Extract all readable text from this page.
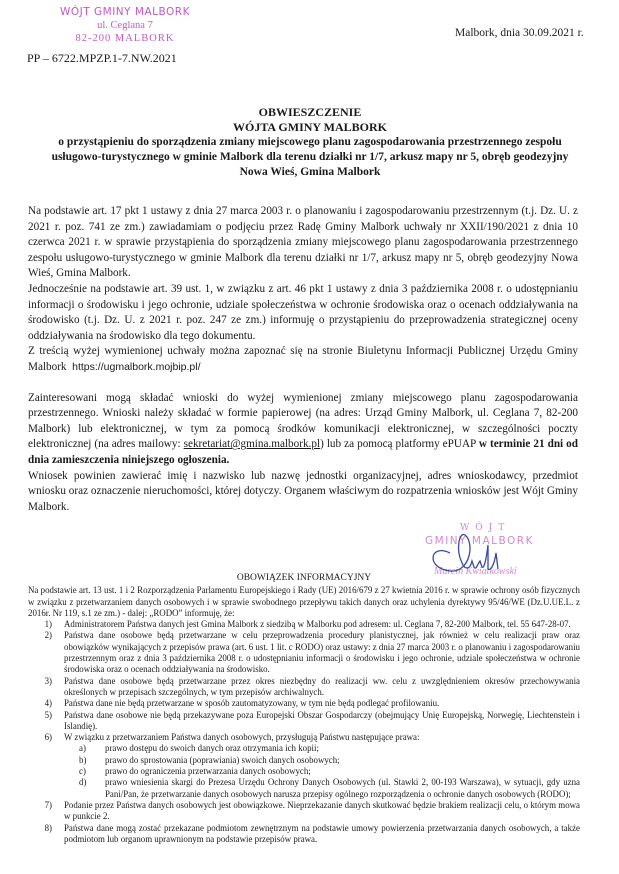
WÓJT GMINY MALBORK
ul. Ceglana 7
82-200 MALBORK
PP – 6722.MPZP.1-7.NW.2021
Malbork, dnia 30.09.2021 r.
OBWIESZCZENIE
WÓJTA GMINY MALBORK
o przystąpieniu do sporządzenia zmiany miejscowego planu zagospodarowania przestrzennego zespołu usługowo-turystycznego w gminie Malbork dla terenu działki nr 1/7, arkusz mapy nr 5, obręb geodezyjny Nowa Wieś, Gmina Malbork

Na podstawie art. 17 pkt 1 ustawy z dnia 27 marca 2003 r. o planowaniu i zagospodarowaniu przestrzennym (t.j. Dz. U. z 2021 r. poz. 741 ze zm.) zawiadamiam o podjęciu przez Radę Gminy Malbork uchwały nr XXII/190/2021 z dnia 10 czerwca 2021 r. w sprawie przystąpienia do sporządzenia zmiany miejscowego planu zagospodarowania przestrzennego zespołu usługowo-turystycznego w gminie Malbork dla terenu działki nr 1/7, arkusz mapy nr 5, obręb geodezyjny Nowa Wieś, Gmina Malbork.

Jednocześnie na podstawie art. 39 ust. 1, w związku z art. 46 pkt 1 ustawy z dnia 3 października 2008 r. o udostępnianiu informacji o środowisku i jego ochronie, udziale społeczeństwa w ochronie środowiska oraz o ocenach oddziaływania na środowisko (t.j. Dz. U. z 2021 r. poz. 247 ze zm.) informuję o przystąpieniu do przeprowadzenia strategicznej oceny oddziaływania na środowisko dla tego dokumentu.

Z treścią wyżej wymienionej uchwały można zapoznać się na stronie Biuletynu Informacji Publicznej Urzędu Gminy Malbork https://ugmalbork.mojbip.pl/

Zainteresowani mogą składać wnioski do wyżej wymienionej zmiany miejscowego planu zagospodarowania przestrzennego. Wnioski należy składać w formie papierowej (na adres: Urząd Gminy Malbork, ul. Ceglana 7, 82-200 Malbork) lub elektronicznej, w tym za pomocą środków komunikacji elektronicznej, w szczególności poczty elektronicznej (na adres mailowy: sekretariat@gmina.malbork.pl) lub za pomocą platformy ePUAP w terminie 21 dni od dnia zamieszczenia niniejszego ogłoszenia.

Wniosek powinien zawierać imię i nazwisko lub nazwę jednostki organizacyjnej, adres wnioskodawcy, przedmiot wniosku oraz oznaczenie nieruchomości, której dotyczy. Organem właściwym do rozpatrzenia wniosków jest Wójt Gminy Malbork.

WÓJT
GMINY MALBORK
Marcin Kwiatkowski
OBOWIĄZEK INFORMACYJNY

Na podstawie art. 13 ust. 1 i 2 Rozporządzenia Parlamentu Europejskiego i Rady (UE) 2016/679 z 27 kwietnia 2016 r. w sprawie ochrony osób fizycznych w związku z przetwarzaniem danych osobowych i w sprawie swobodnego przepływu takich danych oraz uchylenia dyrektywy 95/46/WE (Dz.U.UE.L. z 2016r. Nr 119, s.1 ze zm.) - dalej: „RODO” informuję, że:

1)	Administratorem Państwa danych jest Gmina Malbork z siedzibą w Malborku pod adresem: ul. Ceglana 7, 82-200 Malbork, tel. 55 647-28-07.
2)	Państwa dane osobowe będą przetwarzane w celu przeprowadzenia procedury planistycznej, jak również w celu realizacji praw oraz obowiązków wynikających z przepisów prawa (art. 6 ust. 1 lit. c RODO) oraz ustawy: z dnia 27 marca 2003 r. o planowaniu i zagospodarowaniu przestrzennym oraz z dnia 3 października 2008 r. o udostępnianiu informacji o środowisku i jego ochronie, udziale społeczeństwa w ochronie środowiska oraz o ocenach oddziaływania na środowisko.
3)	Państwa dane osobowe będą przetwarzane przez okres niezbędny do realizacji ww. celu z uwzględnieniem okresów przechowywania określonych w przepisach szczególnych, w tym przepisów archiwalnych.
4)	Państwa dane nie będą przetwarzane w sposób zautomatyzowany, w tym nie będą podlegać profilowaniu.
5)	Państwa dane osobowe nie będą przekazywane poza Europejski Obszar Gospodarczy (obejmujący Unię Europejską, Norwegię, Liechtenstein i Islandię).
6)	W związku z przetwarzaniem Państwa danych osobowych, przysługują Państwu następujące prawa:
a)	prawo dostępu do swoich danych oraz otrzymania ich kopii;
b)	prawo do sprostowania (poprawiania) swoich danych osobowych;
c)	prawo do ograniczenia przetwarzania danych osobowych;
d)	prawo wniesienia skargi do Prezesa Urzędu Ochrony Danych Osobowych (ul. Stawki 2, 00-193 Warszawa), w sytuacji, gdy uzna Pani/Pan, że przetwarzanie danych osobowych narusza przepisy ogólnego rozporządzenia o ochronie danych osobowych (RODO);
7)	Podanie przez Państwa danych osobowych jest obowiązkowe. Nieprzekazanie danych skutkować będzie brakiem realizacji celu, o którym mowa w punkcie 2.
8)	Państwa dane mogą zostać przekazane podmiotom zewnętrznym na podstawie umowy powierzenia przetwarzania danych osobowych, a także podmiotom lub organom uprawnionym na podstawie przepisów prawa.
